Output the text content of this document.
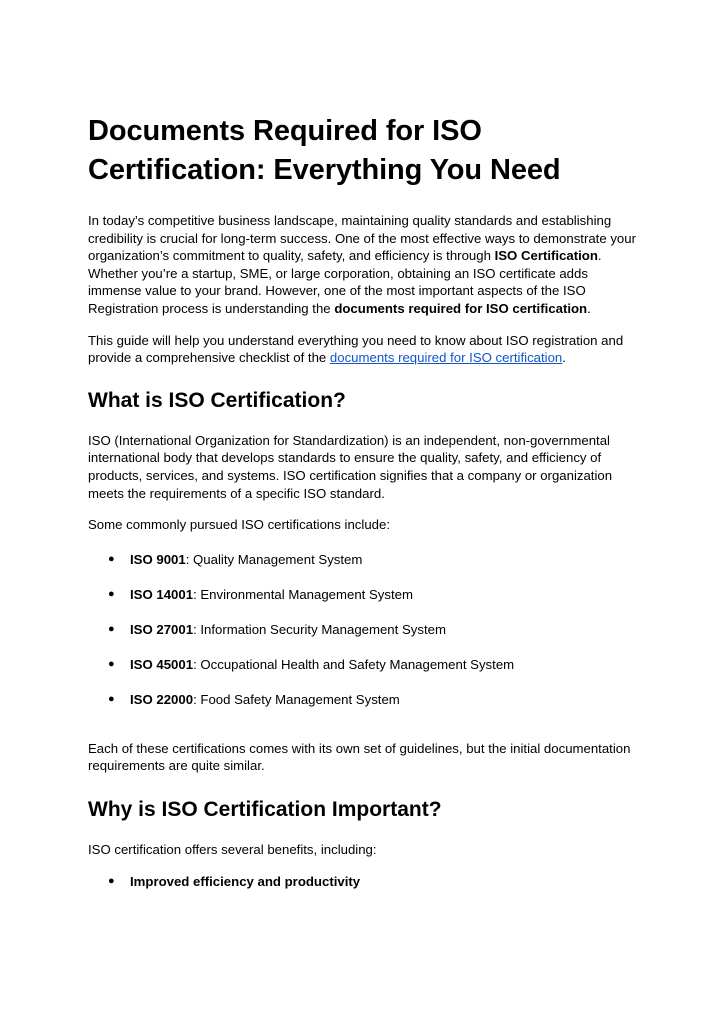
Documents Required for ISO Certification: Everything You Need

In today’s competitive business landscape, maintaining quality standards and establishing credibility is crucial for long-term success. One of the most effective ways to demonstrate your organization’s commitment to quality, safety, and efficiency is through ISO Certification. Whether you’re a startup, SME, or large corporation, obtaining an ISO certificate adds immense value to your brand. However, one of the most important aspects of the ISO Registration process is understanding the documents required for ISO certification.

This guide will help you understand everything you need to know about ISO registration and provide a comprehensive checklist of the documents required for ISO certification.

What is ISO Certification?

ISO (International Organization for Standardization) is an independent, non-governmental international body that develops standards to ensure the quality, safety, and efficiency of products, services, and systems. ISO certification signifies that a company or organization meets the requirements of a specific ISO standard.

Some commonly pursued ISO certifications include:

● ISO 9001: Quality Management System
● ISO 14001: Environmental Management System
● ISO 27001: Information Security Management System
● ISO 45001: Occupational Health and Safety Management System
● ISO 22000: Food Safety Management System

Each of these certifications comes with its own set of guidelines, but the initial documentation requirements are quite similar.

Why is ISO Certification Important?

ISO certification offers several benefits, including:

● Improved efficiency and productivity
